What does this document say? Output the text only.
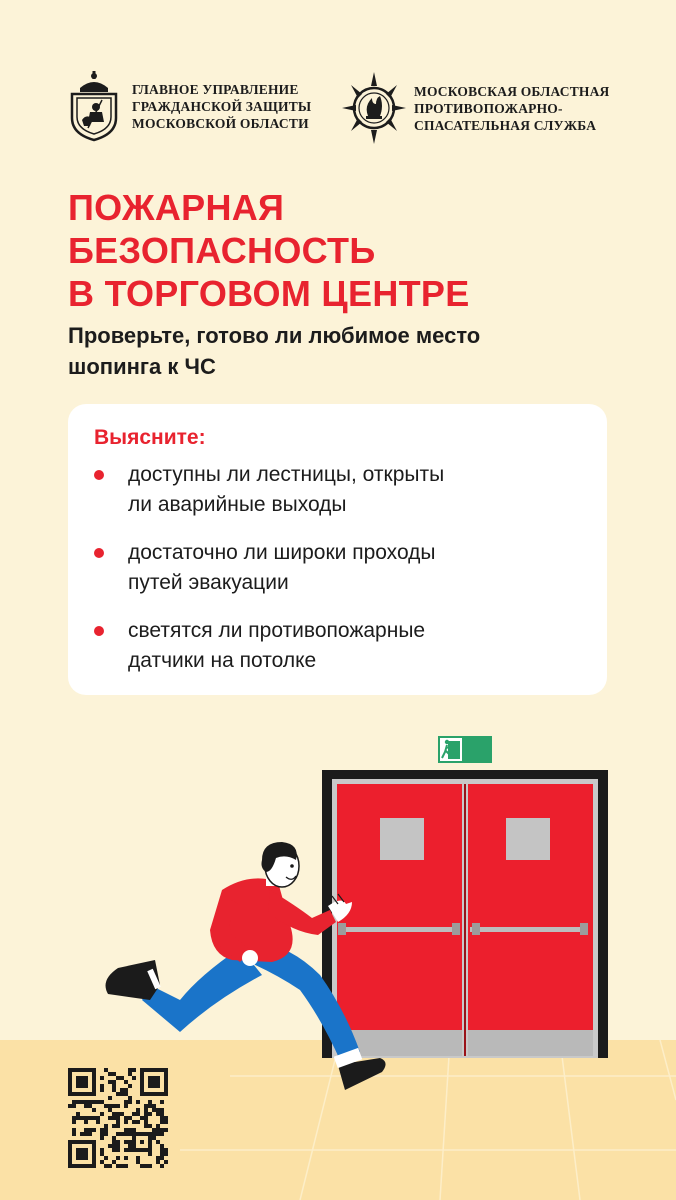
ГЛАВНОЕ УПРАВЛЕНИЕ
ГРАЖДАНСКОЙ ЗАЩИТЫ
МОСКОВСКОЙ ОБЛАСТИ
МОСКОВСКАЯ ОБЛАСТНАЯ
ПРОТИВОПОЖАРНО-
СПАСАТЕЛЬНАЯ СЛУЖБА
ПОЖАРНАЯ
БЕЗОПАСНОСТЬ
В ТОРГОВОМ ЦЕНТРЕ

Проверьте, готово ли любимое место
шопинга к ЧС

Выясните:
доступны ли лестницы, открыты
ли аварийные выходы
достаточно ли широки проходы
путей эвакуации
светятся ли противопожарные
датчики на потолке
